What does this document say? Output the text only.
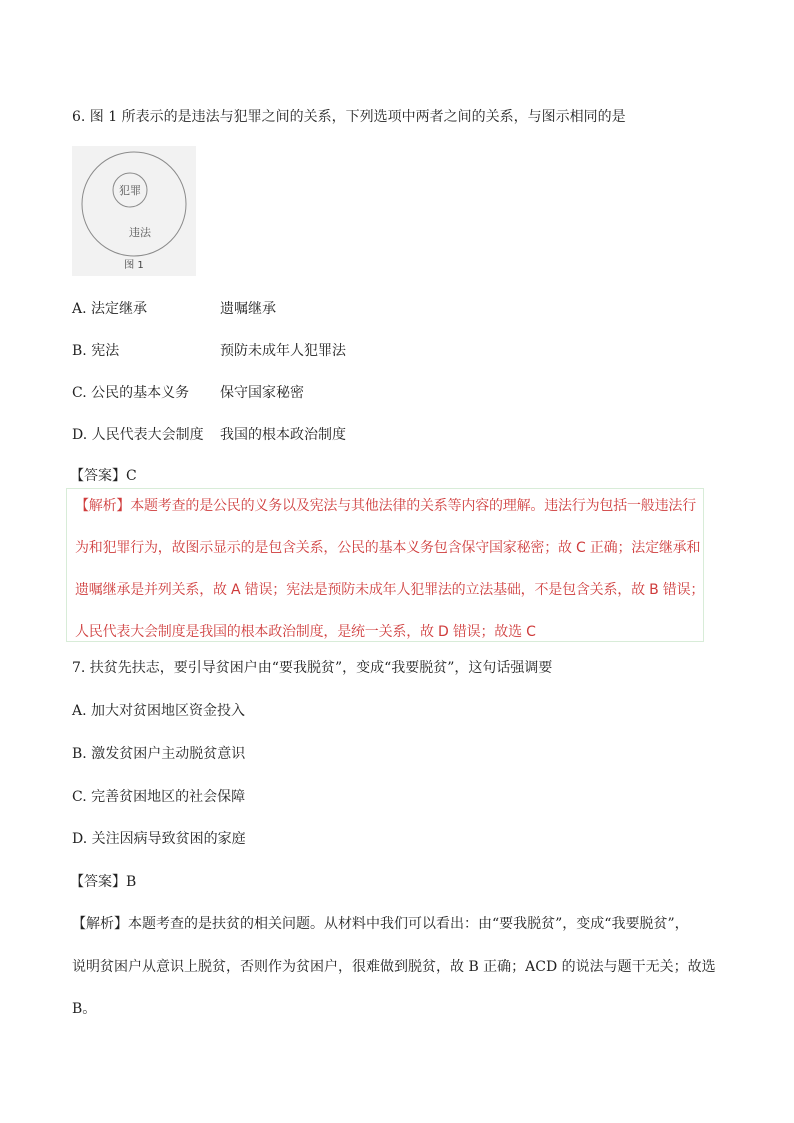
6. 图 1 所表示的是违法与犯罪之间的关系，下列选项中两者之间的关系，与图示相同的是
犯罪
违法
图 1
A. 法定继承	遗嘱继承
B. 宪法	预防未成年人犯罪法
C. 公民的基本义务 保守国家秘密
D. 人民代表大会制度 我国的根本政治制度
【答案】C
【解析】本题考查的是公民的义务以及宪法与其他法律的关系等内容的理解。违法行为包括一般违法行
为和犯罪行为，故图示显示的是包含关系，公民的基本义务包含保守国家秘密；故 C 正确；法定继承和
遗嘱继承是并列关系，故 A 错误；宪法是预防未成年人犯罪法的立法基础，不是包含关系，故 B 错误；
人民代表大会制度是我国的根本政治制度，是统一关系，故 D 错误；故选 C
7. 扶贫先扶志，要引导贫困户由“要我脱贫”，变成“我要脱贫”，这句话强调要
A. 加大对贫困地区资金投入
B. 激发贫困户主动脱贫意识
C. 完善贫困地区的社会保障
D. 关注因病导致贫困的家庭
【答案】B
【解析】本题考查的是扶贫的相关问题。从材料中我们可以看出：由“要我脱贫”，变成“我要脱贫”，
说明贫困户从意识上脱贫，否则作为贫困户，很难做到脱贫，故 B 正确；ACD 的说法与题干无关；故选
B。
